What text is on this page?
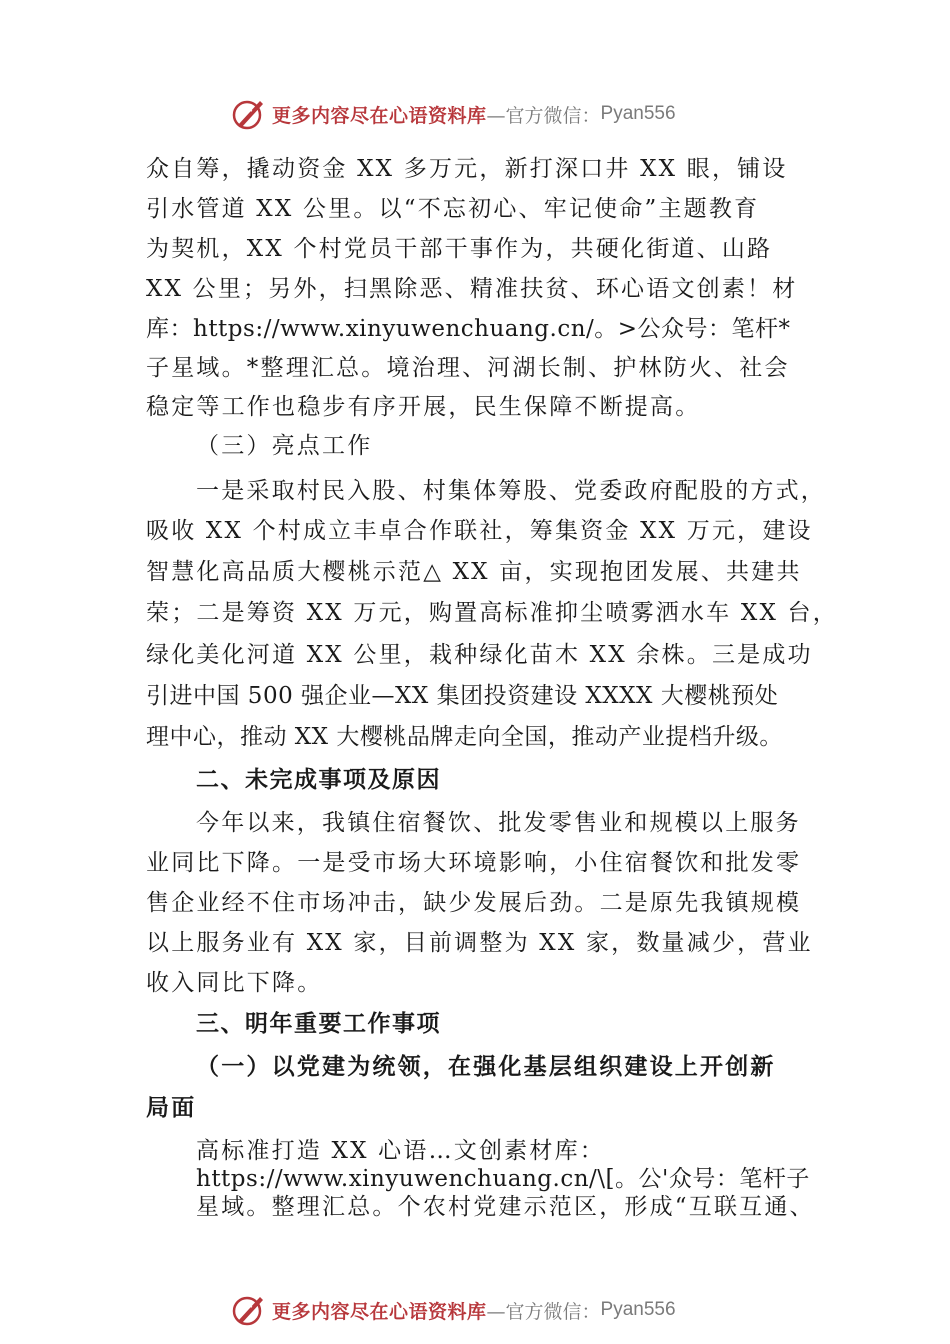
更多内容尽在心语资料库 —官方微信： Pyan556
众自筹，撬动资金 XX 多万元，新打深口井 XX 眼，铺设
引水管道 XX 公里。以“不忘初心、牢记使命”主题教育
为契机，XX 个村党员干部干事作为，共硬化街道、山路
XX 公里；另外，扫黑除恶、精准扶贫、环心语文创素！材
库：https://www.xinyuwenchuang.cn/。>公众号：笔杆*
子星域。*整理汇总。境治理、河湖长制、护林防火、社会
稳定等工作也稳步有序开展，民生保障不断提高。
（三）亮点工作
一是采取村民入股、村集体筹股、党委政府配股的方式，
吸收 XX 个村成立丰卓合作联社，筹集资金 XX 万元，建设
智慧化高品质大樱桃示范△ XX 亩，实现抱团发展、共建共
荣；二是筹资 XX 万元，购置高标准抑尘喷雾洒水车 XX 台，
绿化美化河道 XX 公里，栽种绿化苗木 XX 余株。三是成功
引进中国 500 强企业—XX 集团投资建设 XXXX 大樱桃预处
理中心，推动 XX 大樱桃品牌走向全国，推动产业提档升级。
二、未完成事项及原因
今年以来，我镇住宿餐饮、批发零售业和规模以上服务
业同比下降。一是受市场大环境影响，小住宿餐饮和批发零
售企业经不住市场冲击，缺少发展后劲。二是原先我镇规模
以上服务业有 XX 家，目前调整为 XX 家，数量减少，营业
收入同比下降。
三、明年重要工作事项
（一）以党建为统领，在强化基层组织建设上开创新
局面
高标准打造 XX 心语…文创素材库：
https://www.xinyuwenchuang.cn/\[。公'众号：笔杆子
星域。整理汇总。个农村党建示范区，形成“互联互通、
更多内容尽在心语资料库 —官方微信： Pyan556
